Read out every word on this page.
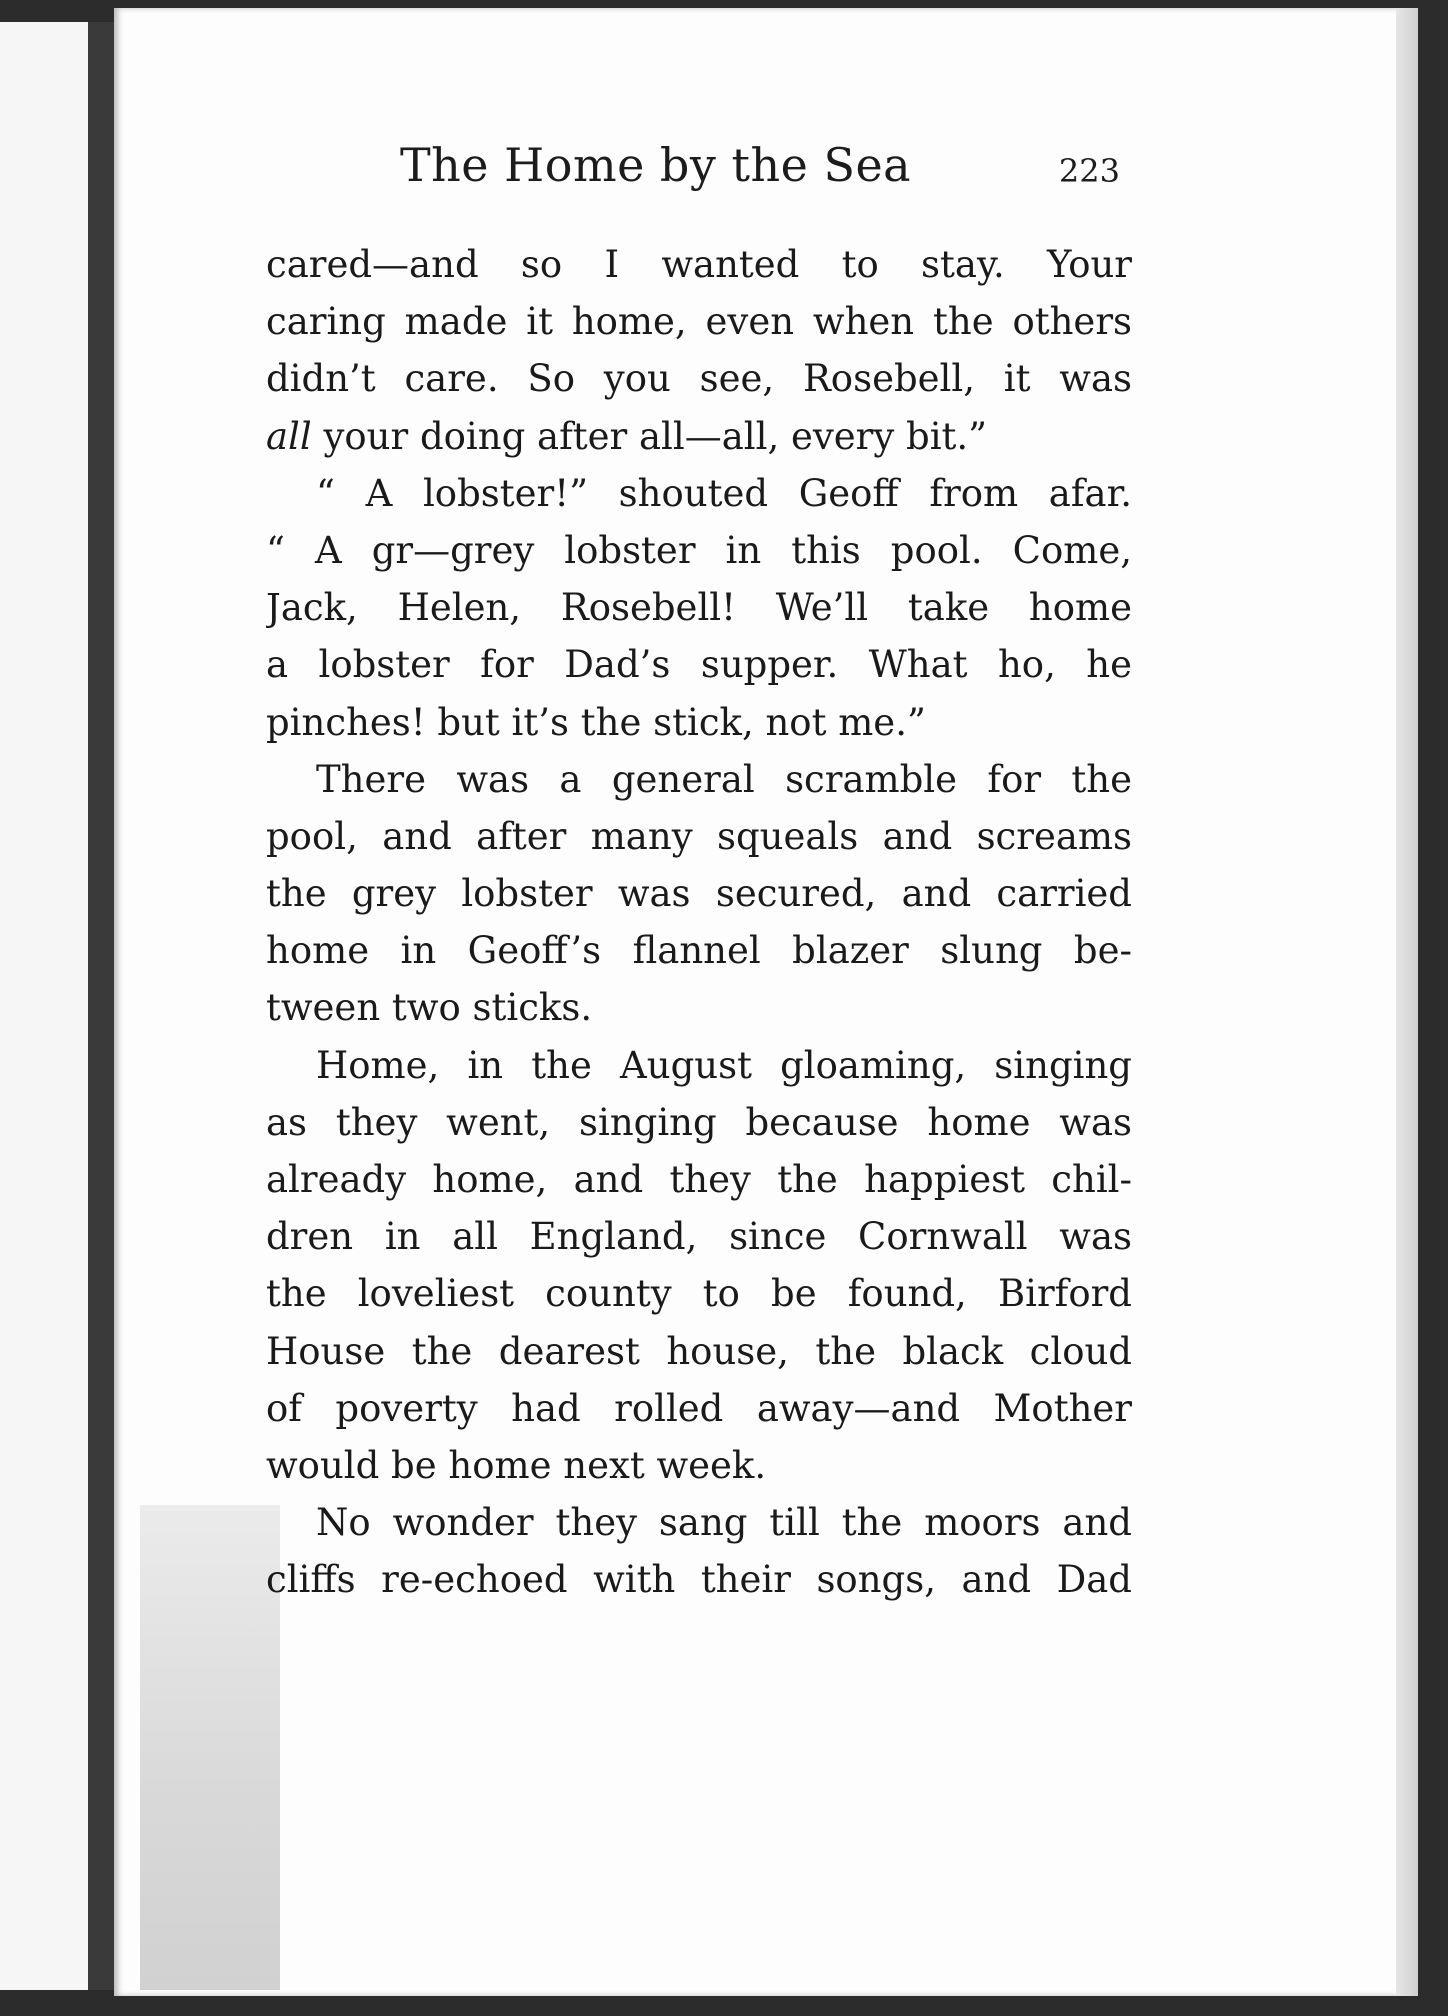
The Home by the Sea	223
cared—and so I wanted to stay. Your
caring made it home, even when the others
didn’t care. So you see, Rosebell, it was
all your doing after all—all, every bit.”
“ A lobster!” shouted Geoff from afar.
“ A gr—grey lobster in this pool. Come,
Jack, Helen, Rosebell! We’ll take home
a lobster for Dad’s supper. What ho, he
pinches! but it’s the stick, not me.”
There was a general scramble for the
pool, and after many squeals and screams
the grey lobster was secured, and carried
home in Geoff’s flannel blazer slung be-
tween two sticks.
Home, in the August gloaming, singing
as they went, singing because home was
already home, and they the happiest chil-
dren in all England, since Cornwall was
the loveliest county to be found, Birford
House the dearest house, the black cloud
of poverty had rolled away—and Mother
would be home next week.
No wonder they sang till the moors and
cliffs re-echoed with their songs, and Dad
